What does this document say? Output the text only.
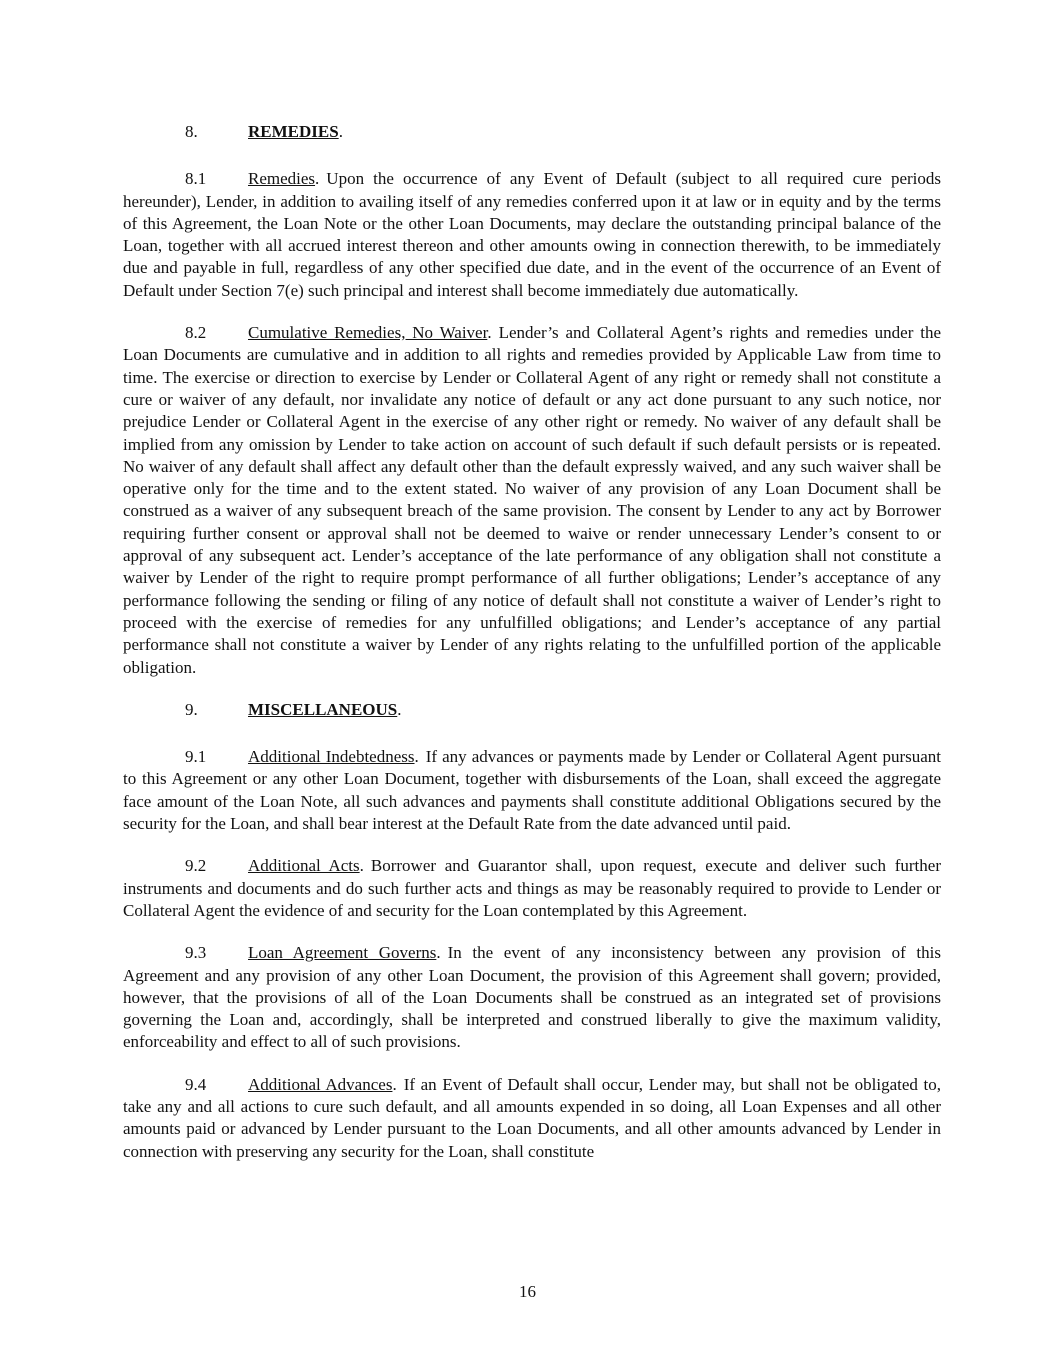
8.	REMEDIES.

8.1 Remedies. Upon the occurrence of any Event of Default (subject to all required cure periods hereunder), Lender, in addition to availing itself of any remedies conferred upon it at law or in equity and by the terms of this Agreement, the Loan Note or the other Loan Documents, may declare the outstanding principal balance of the Loan, together with all accrued interest thereon and other amounts owing in connection therewith, to be immediately due and payable in full, regardless of any other specified due date, and in the event of the occurrence of an Event of Default under Section 7(e) such principal and interest shall become immediately due automatically.

8.2 Cumulative Remedies, No Waiver. Lender’s and Collateral Agent’s rights and remedies under the Loan Documents are cumulative and in addition to all rights and remedies provided by Applicable Law from time to time. The exercise or direction to exercise by Lender or Collateral Agent of any right or remedy shall not constitute a cure or waiver of any default, nor invalidate any notice of default or any act done pursuant to any such notice, nor prejudice Lender or Collateral Agent in the exercise of any other right or remedy. No waiver of any default shall be implied from any omission by Lender to take action on account of such default if such default persists or is repeated. No waiver of any default shall affect any default other than the default expressly waived, and any such waiver shall be operative only for the time and to the extent stated. No waiver of any provision of any Loan Document shall be construed as a waiver of any subsequent breach of the same provision. The consent by Lender to any act by Borrower requiring further consent or approval shall not be deemed to waive or render unnecessary Lender’s consent to or approval of any subsequent act. Lender’s acceptance of the late performance of any obligation shall not constitute a waiver by Lender of the right to require prompt performance of all further obligations; Lender’s acceptance of any performance following the sending or filing of any notice of default shall not constitute a waiver of Lender’s right to proceed with the exercise of remedies for any unfulfilled obligations; and Lender’s acceptance of any partial performance shall not constitute a waiver by Lender of any rights relating to the unfulfilled portion of the applicable obligation.

9.	MISCELLANEOUS.

9.1 Additional Indebtedness. If any advances or payments made by Lender or Collateral Agent pursuant to this Agreement or any other Loan Document, together with disbursements of the Loan, shall exceed the aggregate face amount of the Loan Note, all such advances and payments shall constitute additional Obligations secured by the security for the Loan, and shall bear interest at the Default Rate from the date advanced until paid.

9.2 Additional Acts. Borrower and Guarantor shall, upon request, execute and deliver such further instruments and documents and do such further acts and things as may be reasonably required to provide to Lender or Collateral Agent the evidence of and security for the Loan contemplated by this Agreement.

9.3 Loan Agreement Governs. In the event of any inconsistency between any provision of this Agreement and any provision of any other Loan Document, the provision of this Agreement shall govern; provided, however, that the provisions of all of the Loan Documents shall be construed as an integrated set of provisions governing the Loan and, accordingly, shall be interpreted and construed liberally to give the maximum validity, enforceability and effect to all of such provisions.

9.4 Additional Advances. If an Event of Default shall occur, Lender may, but shall not be obligated to, take any and all actions to cure such default, and all amounts expended in so doing, all Loan Expenses and all other amounts paid or advanced by Lender pursuant to the Loan Documents, and all other amounts advanced by Lender in connection with preserving any security for the Loan, shall constitute

16
